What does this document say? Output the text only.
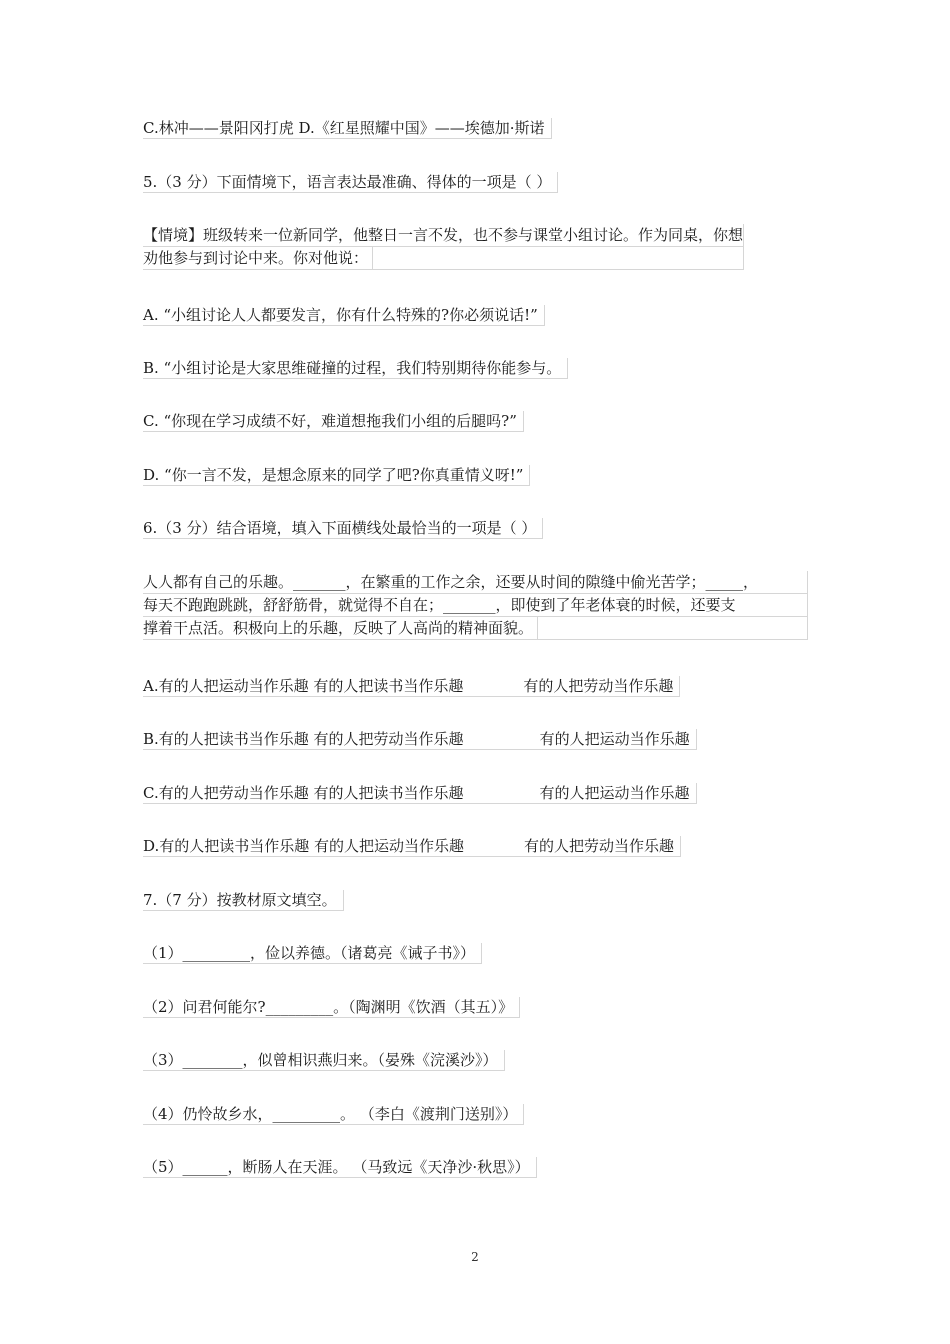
C.林冲——景阳冈打虎 D.《红星照耀中国》——埃德加·斯诺
5.（3 分）下面情境下，语言表达最准确、得体的一项是（ ）
【情境】班级转来一位新同学，他整日一言不发，也不参与课堂小组讨论。作为同桌，你想
劝他参与到讨论中来。你对他说：
A. “小组讨论人人都要发言，你有什么特殊的?你必须说话!”
B. “小组讨论是大家思维碰撞的过程，我们特别期待你能参与。
C. “你现在学习成绩不好，难道想拖我们小组的后腿吗?”
D. “你一言不发，是想念原来的同学了吧?你真重情义呀!”
6.（3 分）结合语境，填入下面横线处最恰当的一项是（ ）
人人都有自己的乐趣。_______，在繁重的工作之余，还要从时间的隙缝中偷光苦学；_____，
每天不跑跑跳跳，舒舒筋骨，就觉得不自在；_______，即使到了年老体衰的时候，还要支
撑着干点活。积极向上的乐趣，反映了人高尚的精神面貌。
A.有的人把运动当作乐趣 有的人把读书当作乐趣	有的人把劳动当作乐趣
B.有的人把读书当作乐趣 有的人把劳动当作乐趣	有的人把运动当作乐趣
C.有的人把劳动当作乐趣 有的人把读书当作乐趣	有的人把运动当作乐趣
D.有的人把读书当作乐趣 有的人把运动当作乐趣	有的人把劳动当作乐趣
7.（7 分）按教材原文填空。
（1）_________，俭以养德。（诸葛亮《诫子书》）
（2）问君何能尔?_________。（陶渊明《饮酒（其五）》
（3）________，似曾相识燕归来。（晏殊《浣溪沙》）
（4）仍怜故乡水，_________。 （李白《渡荆门送别》）
（5）______，断肠人在天涯。 （马致远《天净沙·秋思》）
2
